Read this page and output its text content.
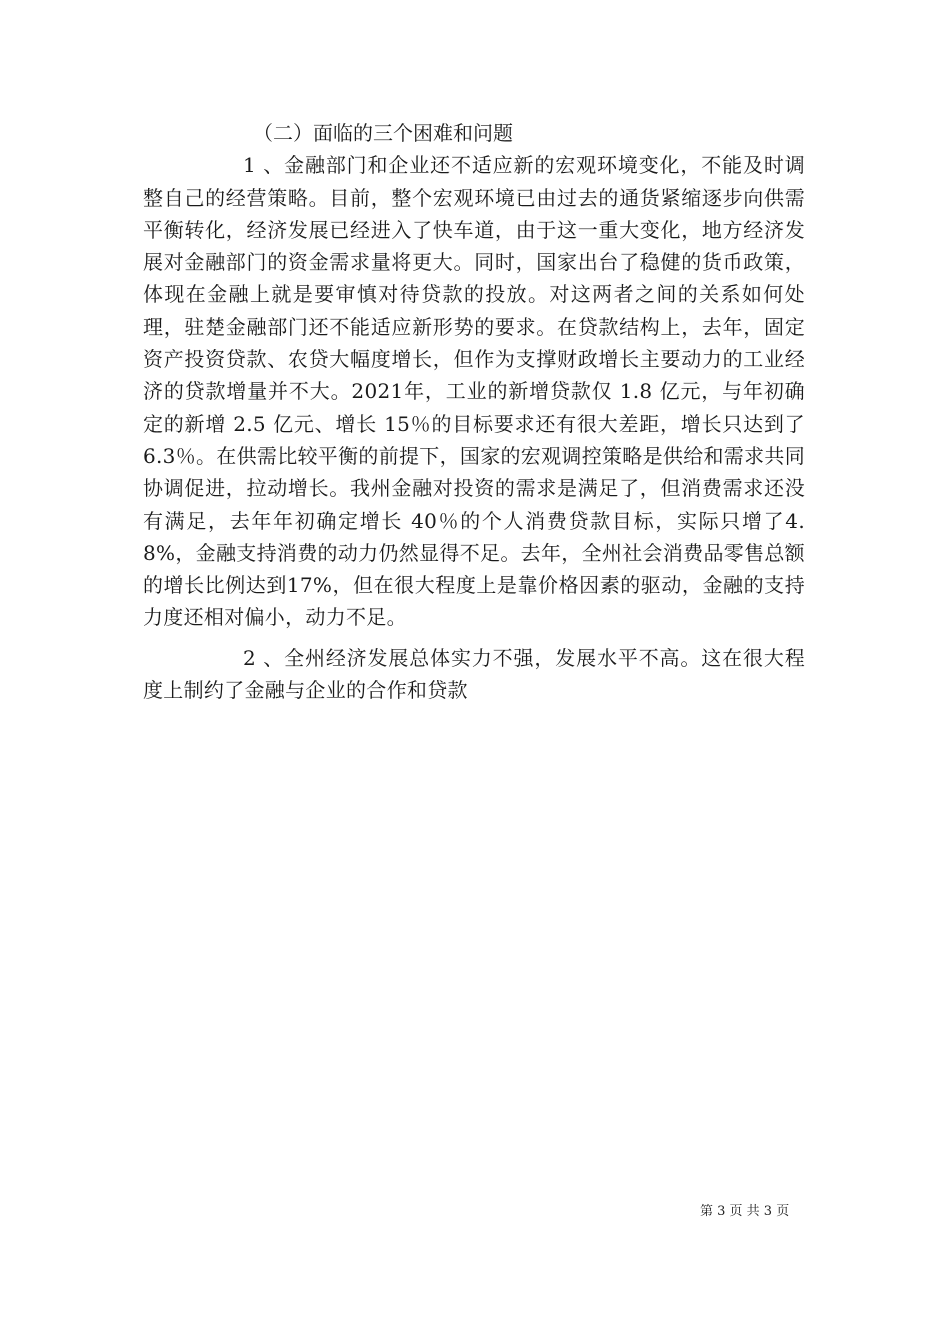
（二）面临的三个困难和问题

1 、金融部门和企业还不适应新的宏观环境变化，不能及时调整自己的经营策略。目前，整个宏观环境已由过去的通货紧缩逐步向供需平衡转化，经济发展已经进入了快车道，由于这一重大变化，地方经济发展对金融部门的资金需求量将更大。同时，国家出台了稳健的货币政策，体现在金融上就是要审慎对待贷款的投放。对这两者之间的关系如何处理，驻楚金融部门还不能适应新形势的要求。在贷款结构上，去年，固定资产投资贷款、农贷大幅度增长，但作为支撑财政增长主要动力的工业经济的贷款增量并不大。2021年，工业的新增贷款仅 1.8 亿元，与年初确定的新增 2.5 亿元、增长 15％的目标要求还有很大差距，增长只达到了 6.3％。在供需比较平衡的前提下，国家的宏观调控策略是供给和需求共同协调促进，拉动增长。我州金融对投资的需求是满足了，但消费需求还没有满足，去年年初确定增长 40％的个人消费贷款目标，实际只增了4.8%，金融支持消费的动力仍然显得不足。去年，全州社会消费品零售总额的增长比例达到17%，但在很大程度上是靠价格因素的驱动，金融的支持力度还相对偏小，动力不足。

2 、全州经济发展总体实力不强，发展水平不高。这在很大程度上制约了金融与企业的合作和贷款

第 3 页 共 3 页
